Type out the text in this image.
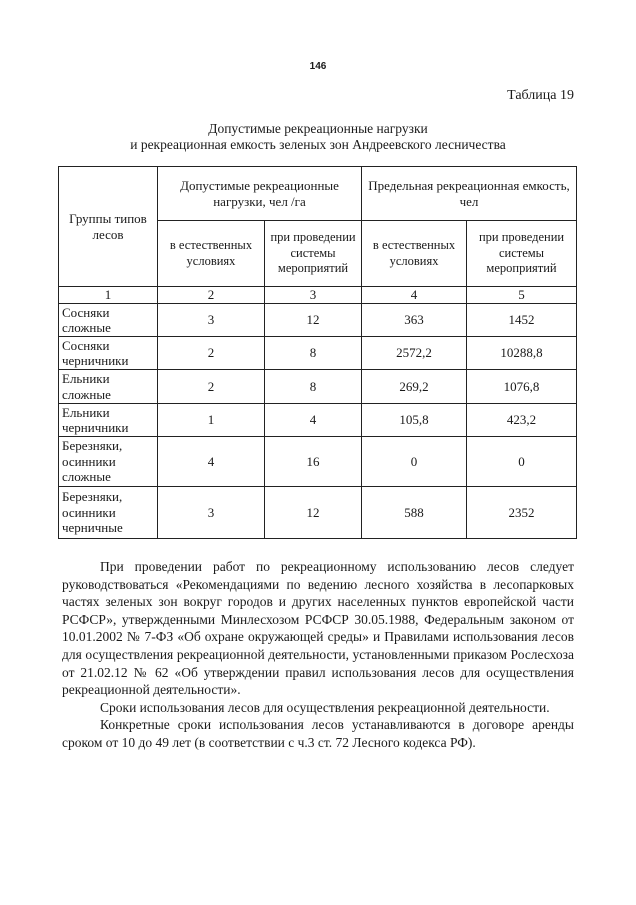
146
Таблица 19
Допустимые рекреационные нагрузки
и рекреационная емкость зеленых зон Андреевского лесничества
Группы типов лесов	Допустимые рекреационные нагрузки, чел /га		Предельная рекреационная емкость, чел	
	в естественных условиях	при проведении системы мероприятий	в естественных условиях	при проведении системы мероприятий
1	2	3	4	5
Сосняки сложные	3	12	363	1452
Сосняки черничники	2	8	2572,2	10288,8
Ельники сложные	2	8	269,2	1076,8
Ельники черничники	1	4	105,8	423,2
Березняки, осинники сложные	4	16	0	0
Березняки, осинники черничные	3	12	588	2352

При проведении работ по рекреационному использованию лесов следует руководствоваться «Рекомендациями по ведению лесного хозяйства в лесопарковых частях зеленых зон вокруг городов и других населенных пунктов европейской части РСФСР», утвержденными Минлесхозом РСФСР 30.05.1988, Федеральным законом от 10.01.2002 № 7-ФЗ «Об охране окружающей среды» и Правилами использования лесов для осуществления рекреационной деятельности, установленными приказом Рослесхоза от 21.02.12 № 62 «Об утверждении правил использования лесов для осуществления рекреационной деятельности».

Сроки использования лесов для осуществления рекреационной деятельности.

Конкретные сроки использования лесов устанавливаются в договоре аренды сроком от 10 до 49 лет (в соответствии с ч.3 ст. 72 Лесного кодекса РФ).
